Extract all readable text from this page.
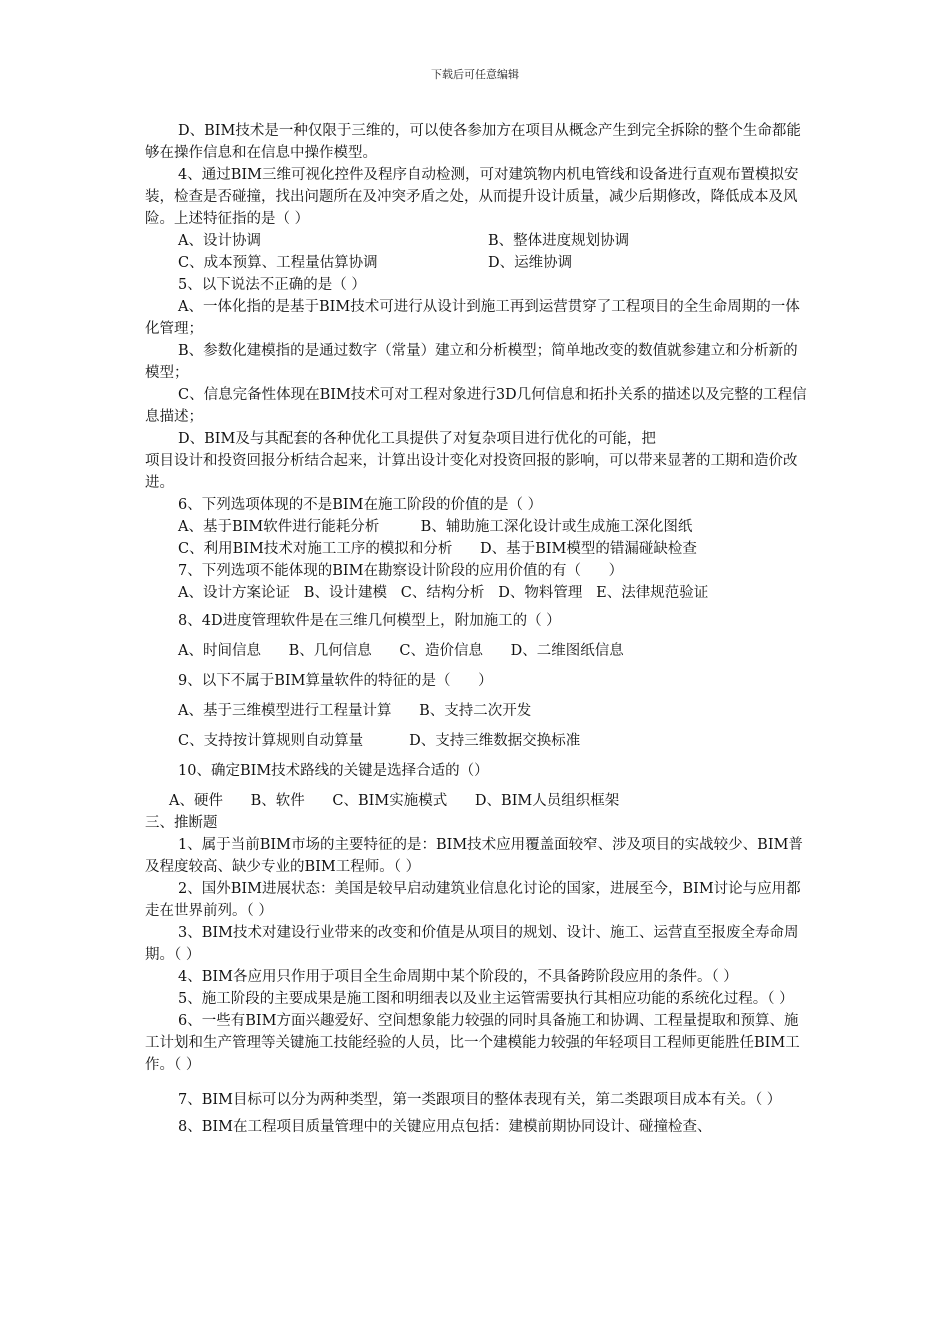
下载后可任意编辑

D、BIM技术是一种仅限于三维的，可以使各参加方在项目从概念产生到完全拆除的整个生命都能够在操作信息和在信息中操作模型。

4、通过BIM三维可视化控件及程序自动检测，可对建筑物内机电管线和设备进行直观布置模拟安装，检查是否碰撞，找出问题所在及冲突矛盾之处，从而提升设计质量，减少后期修改，降低成本及风险。上述特征指的是（ ）

A、设计协调	B、整体进度规划协调
C、成本预算、工程量估算协调	D、运维协调

5、以下说法不正确的是（ ）

A、一体化指的是基于BIM技术可进行从设计到施工再到运营贯穿了工程项目的全生命周期的一体化管理；

B、参数化建模指的是通过数字（常量）建立和分析模型；简单地改变的数值就参建立和分析新的模型；

C、信息完备性体现在BIM技术可对工程对象进行3D几何信息和拓扑关系的描述以及完整的工程信息描述；

D、BIM及与其配套的各种优化工具提供了对复杂项目进行优化的可能，把

项目设计和投资回报分析结合起来，计算出设计变化对投资回报的影响，可以带来显著的工期和造价改进。

6、下列选项体现的不是BIM在施工阶段的价值的是（ ）

A、基于BIM软件进行能耗分析         B、辅助施工深化设计或生成施工深化图纸

C、利用BIM技术对施工工序的模拟和分析      D、基于BIM模型的错漏碰缺检查

7、下列选项不能体现的BIM在勘察设计阶段的应用价值的有（      ）

A、设计方案论证   B、设计建模   C、结构分析   D、物料管理   E、法律规范验证

8、4D进度管理软件是在三维几何模型上，附加施工的（ ）

A、时间信息      B、几何信息      C、造价信息      D、二维图纸信息

9、以下不属于BIM算量软件的特征的是（      ）

A、基于三维模型进行工程量计算      B、支持二次开发

C、支持按计算规则自动算量          D、支持三维数据交换标准

10、确定BIM技术路线的关键是选择合适的（）

A、硬件      B、软件      C、BIM实施模式      D、BIM人员组织框架

三、推断题

1、属于当前BIM市场的主要特征的是：BIM技术应用覆盖面较窄、涉及项目的实战较少、BIM普及程度较高、缺少专业的BIM工程师。（ ）

2、国外BIM进展状态：美国是较早启动建筑业信息化讨论的国家，进展至今，BIM讨论与应用都走在世界前列。（ ）

3、BIM技术对建设行业带来的改变和价值是从项目的规划、设计、施工、运营直至报废全寿命周期。（ ）

4、BIM各应用只作用于项目全生命周期中某个阶段的，不具备跨阶段应用的条件。（ ）

5、施工阶段的主要成果是施工图和明细表以及业主运管需要执行其相应功能的系统化过程。（ ）

6、一些有BIM方面兴趣爱好、空间想象能力较强的同时具备施工和协调、工程量提取和预算、施工计划和生产管理等关键施工技能经验的人员，比一个建模能力较强的年轻项目工程师更能胜任BIM工作。（ ）

7、BIM目标可以分为两种类型，第一类跟项目的整体表现有关，第二类跟项目成本有关。（ ）

8、BIM在工程项目质量管理中的关键应用点包括：建模前期协同设计、碰撞检查、
